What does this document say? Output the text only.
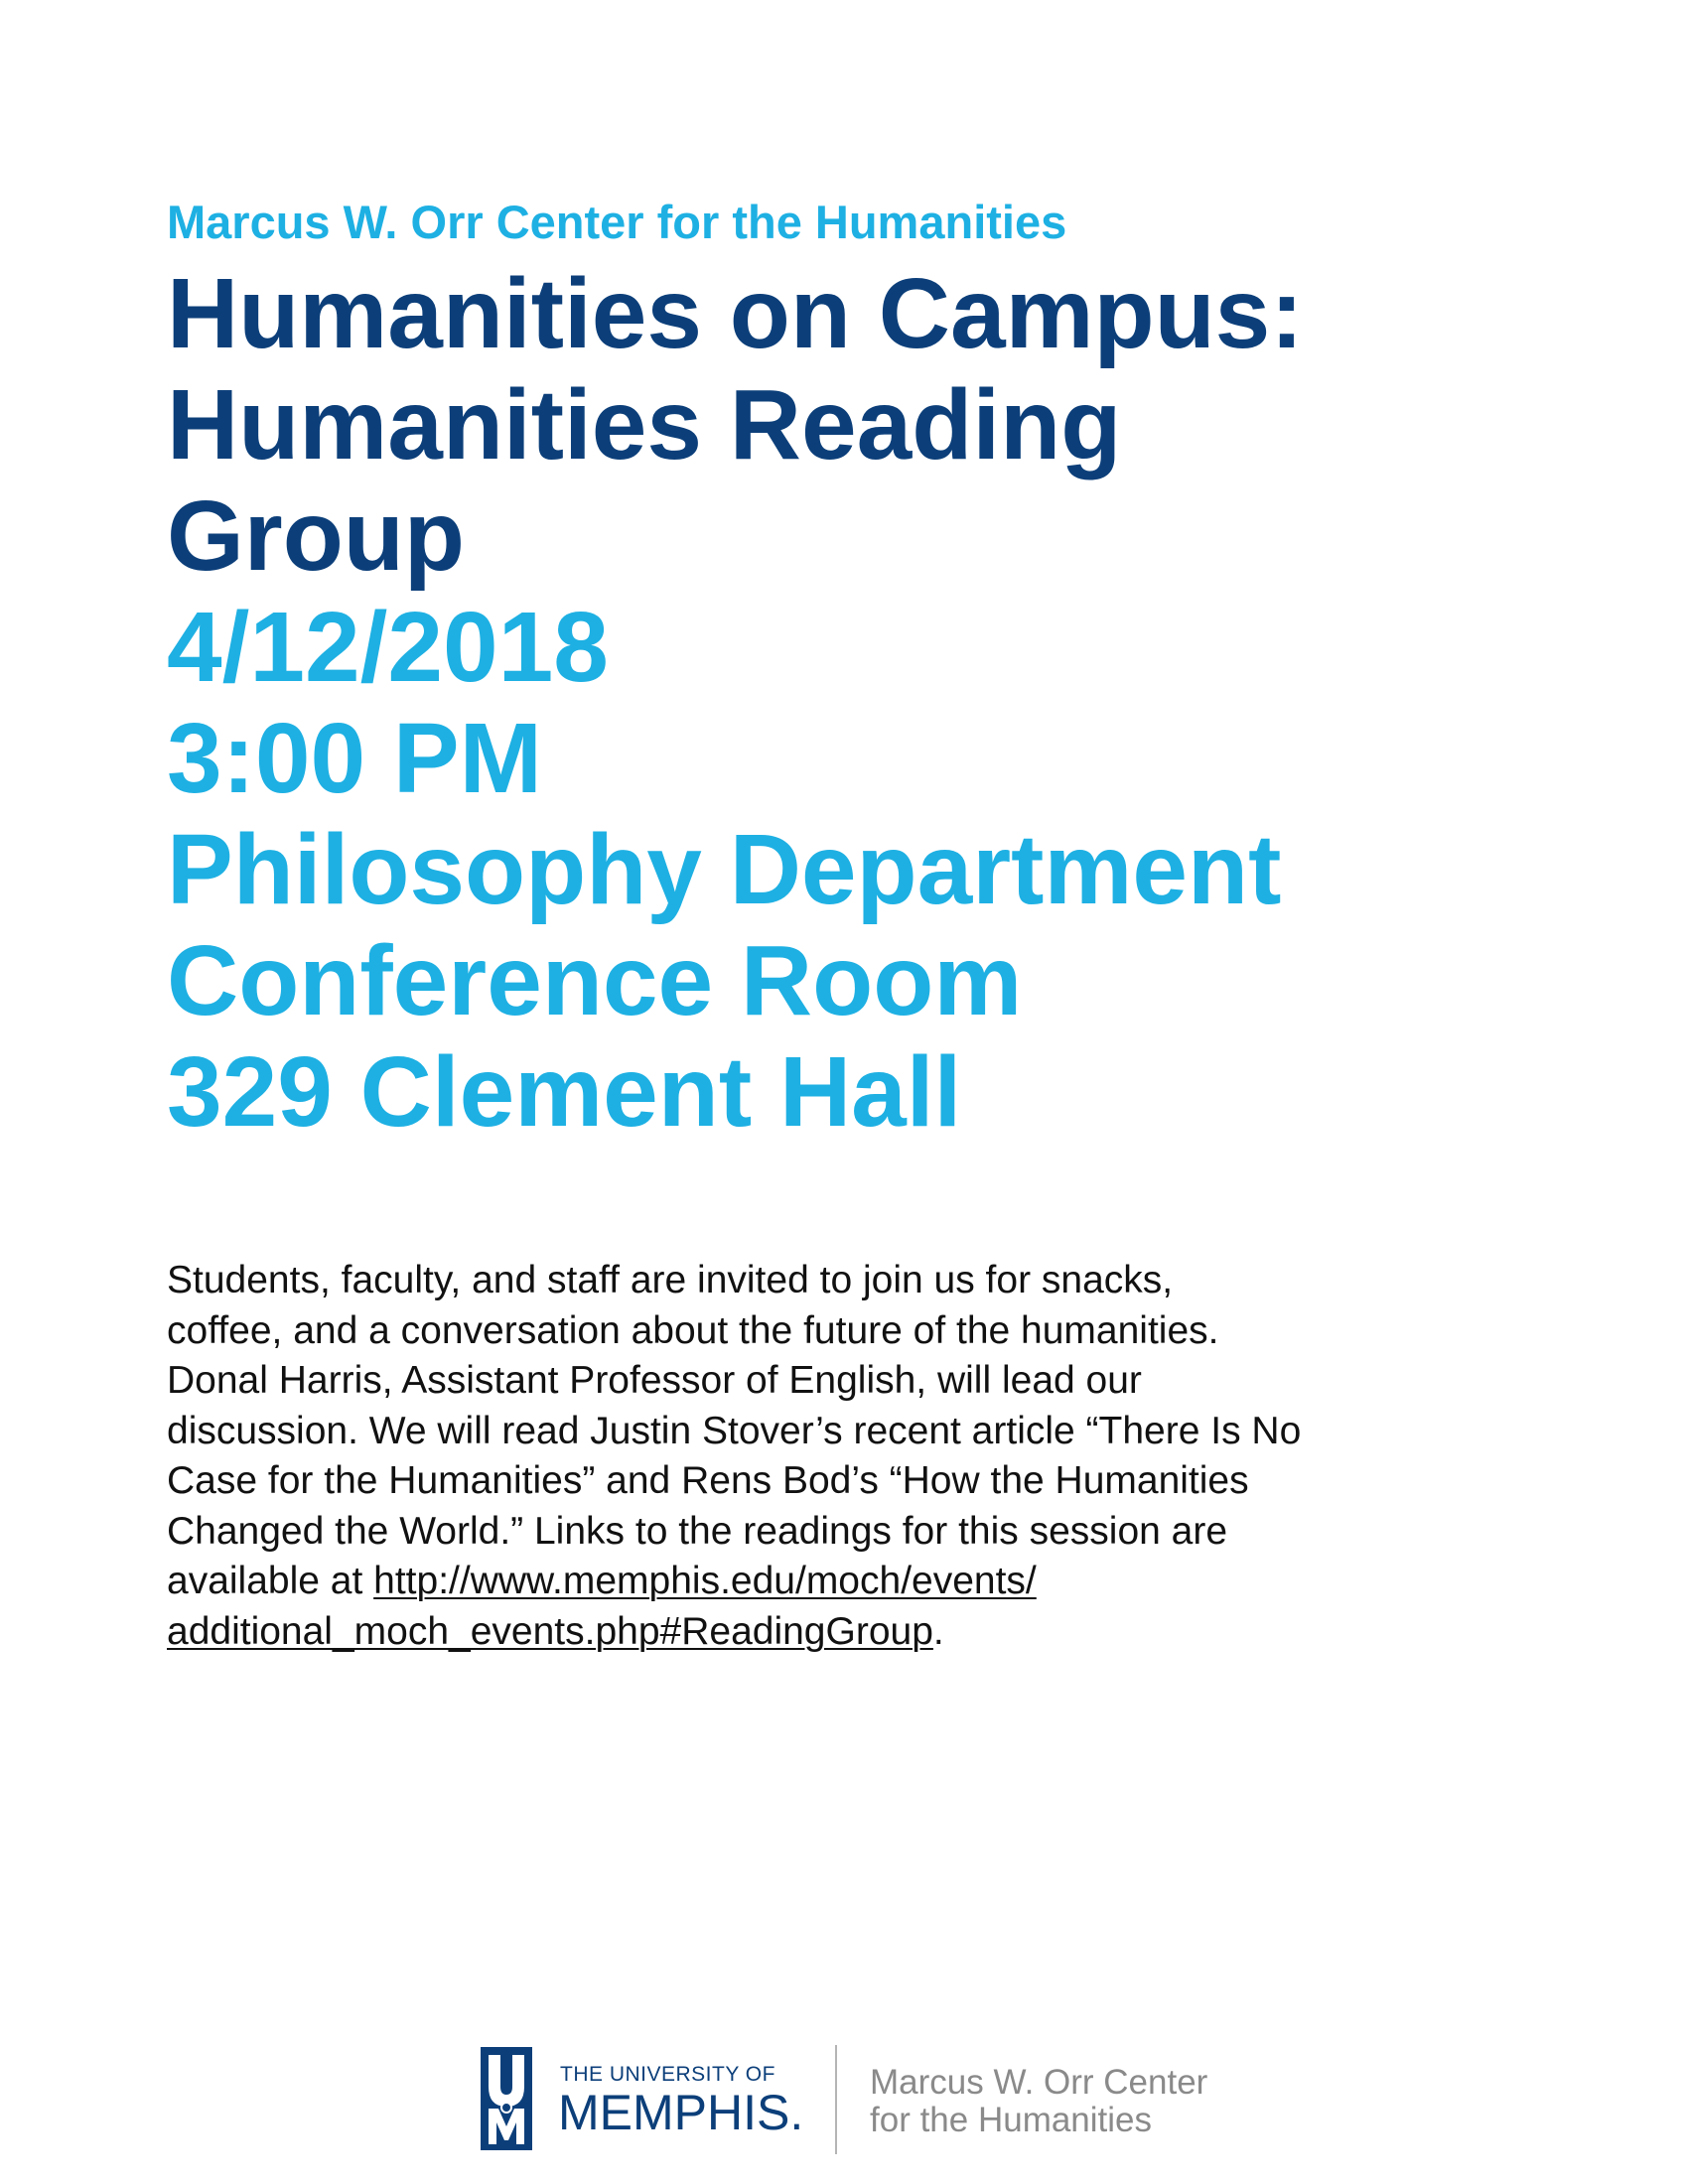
Marcus W. Orr Center for the Humanities

Humanities on Campus:
Humanities Reading
Group
4/12/2018
3:00 PM
Philosophy Department
Conference Room
329 Clement Hall
Students, faculty, and staff are invited to join us for snacks,
coffee, and a conversation about the future of the humanities.
Donal Harris, Assistant Professor of English, will lead our
discussion. We will read Justin Stover’s recent article “There Is No
Case for the Humanities” and Rens Bod’s “How the Humanities
Changed the World.” Links to the readings for this session are
available at http://www.memphis.edu/moch/events/
additional_moch_events.php#ReadingGroup.
THE UNIVERSITY OF
MEMPHIS.
Marcus W. Orr Center
for the Humanities
